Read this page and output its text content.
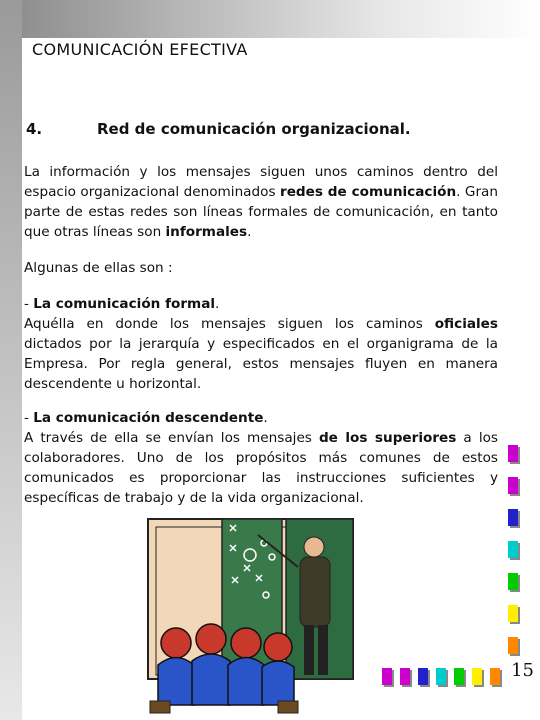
COMUNICACIÓN EFECTIVA
4.	Red de comunicación organizacional.
La información y los mensajes siguen unos caminos dentro del espacio organizacional denominados redes de comunicación. Gran parte de estas redes son líneas formales de comunicación, en tanto que otras líneas son informales.
Algunas de ellas son :
- La comunicación formal.
Aquélla en donde los mensajes siguen los caminos oficiales dictados por la jerarquía y especificados en el organigrama de la Empresa. Por regla general, estos mensajes fluyen en manera descendente u horizontal.
- La comunicación descendente.
A través de ella se envían los mensajes de los superiores a los colaboradores. Uno de los propósitos más comunes de estos comunicados es proporcionar las instrucciones suficientes y específicas de trabajo y de la vida organizacional.
15
